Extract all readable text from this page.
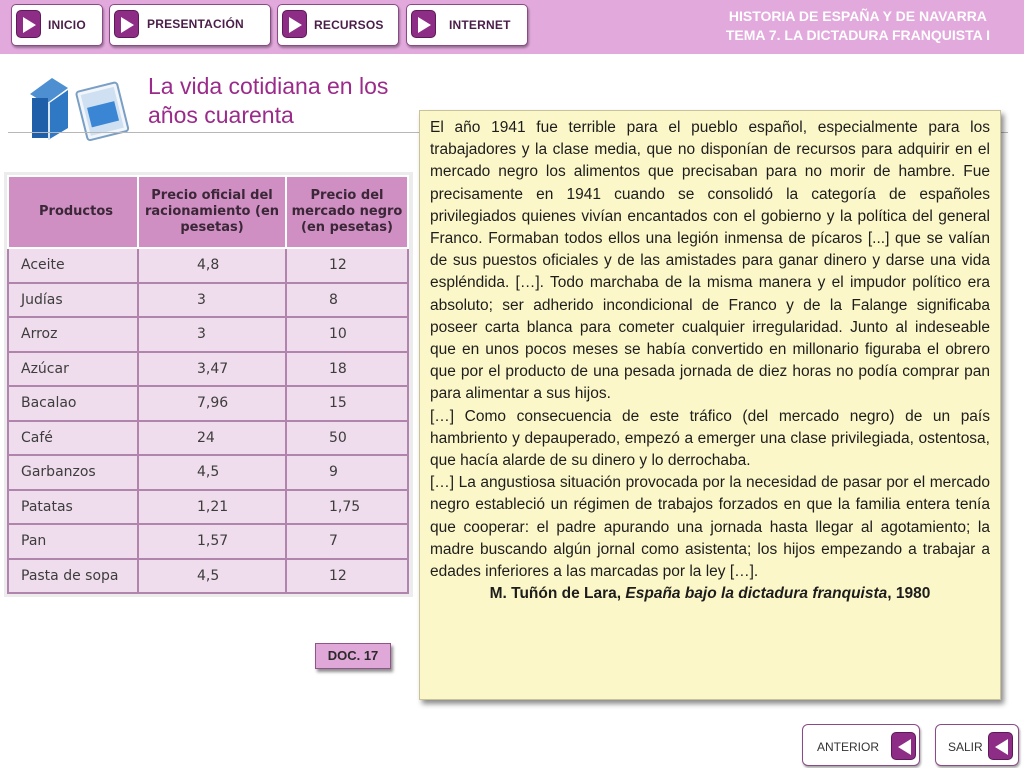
INICIO	PRESENTACIÓN	RECURSOS	INTERNET
HISTORIA DE ESPAÑA Y DE NAVARRA
TEMA 7. LA DICTADURA FRANQUISTA I
La vida cotidiana en los
años cuarenta
Productos	Precio oficial del racionamiento (en pesetas)	Precio del mercado negro (en pesetas)
Aceite	4,8	12
Judías	3	8
Arroz	3	10
Azúcar	3,47	18
Bacalao	7,96	15
Café	24	50
Garbanzos	4,5	9
Patatas	1,21	1,75
Pan	1,57	7
Pasta de sopa	4,5	12
DOC. 17

El año 1941 fue terrible para el pueblo español, especialmente para los trabajadores y la clase media, que no disponían de recursos para adquirir en el mercado negro los alimentos que precisaban para no morir de hambre. Fue precisamente en 1941 cuando se consolidó la categoría de españoles privilegiados quienes vivían encantados con el gobierno y la política del general Franco. Formaban todos ellos una legión inmensa de pícaros [...] que se valían de sus puestos oficiales y de las amistades para ganar dinero y darse una vida espléndida. […]. Todo marchaba de la misma manera y el impudor político era absoluto; ser adherido incondicional de Franco y de la Falange significaba poseer carta blanca para cometer cualquier irregularidad. Junto al indeseable que en unos pocos meses se había convertido en millonario figuraba el obrero que por el producto de una pesada jornada de diez horas no podía comprar pan para alimentar a sus hijos.

[…] Como consecuencia de este tráfico (del mercado negro) de un país hambriento y depauperado, empezó a emerger una clase privilegiada, ostentosa, que hacía alarde de su dinero y lo derrochaba.

[…] La angustiosa situación provocada por la necesidad de pasar por el mercado negro estableció un régimen de trabajos forzados en que la familia entera tenía que cooperar: el padre apurando una jornada hasta llegar al agotamiento; la madre buscando algún jornal como asistenta; los hijos empezando a trabajar a edades inferiores a las marcadas por la ley […].

M. Tuñón de Lara, España bajo la dictadura franquista, 1980

ANTERIOR	SALIR
